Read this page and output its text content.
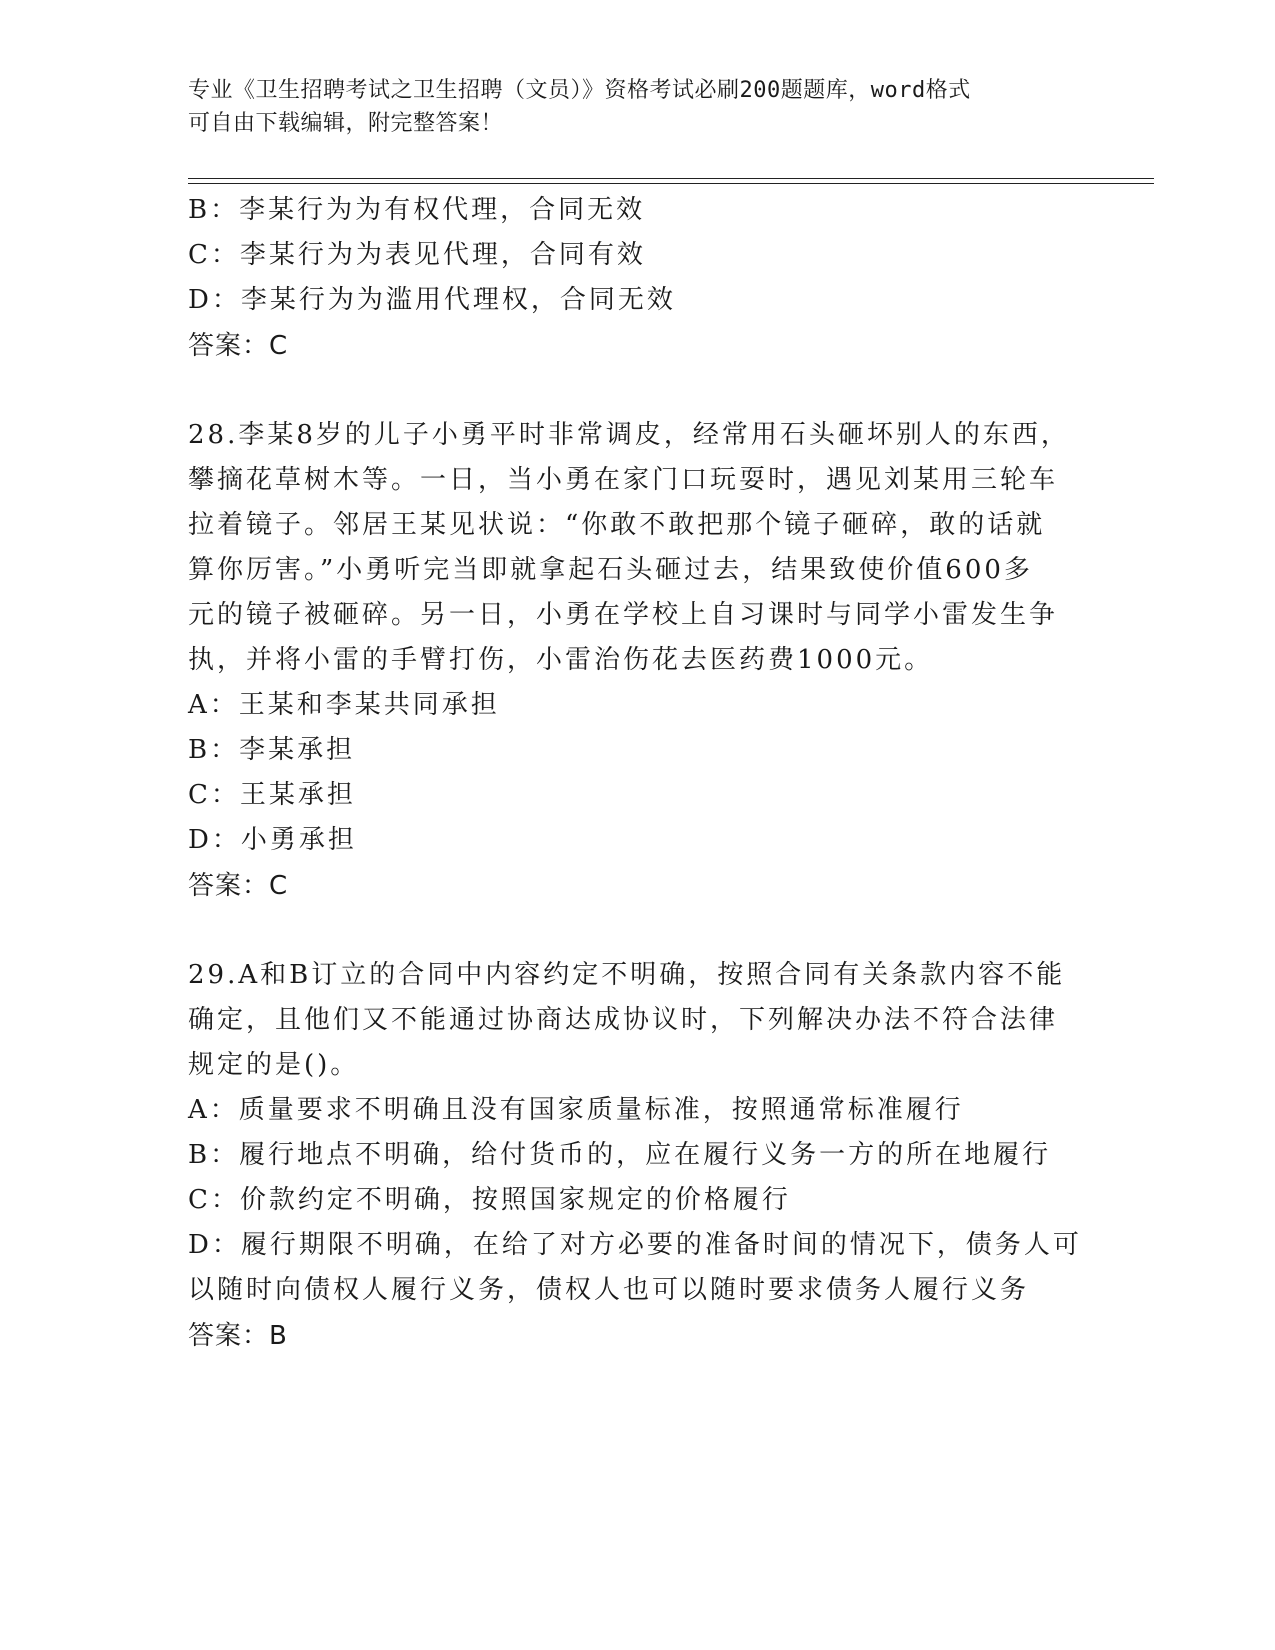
专业《卫生招聘考试之卫生招聘（文员）》资格考试必刷200题题库，word格式
可自由下载编辑，附完整答案！
B：李某行为为有权代理，合同无效
C：李某行为为表见代理，合同有效
D：李某行为为滥用代理权，合同无效
答案：C
28.李某8岁的儿子小勇平时非常调皮，经常用石头砸坏别人的东西，
攀摘花草树木等。一日，当小勇在家门口玩耍时，遇见刘某用三轮车
拉着镜子。邻居王某见状说：“你敢不敢把那个镜子砸碎，敢的话就
算你厉害。”小勇听完当即就拿起石头砸过去，结果致使价值600多
元的镜子被砸碎。另一日，小勇在学校上自习课时与同学小雷发生争
执，并将小雷的手臂打伤，小雷治伤花去医药费1000元。
A：王某和李某共同承担
B：李某承担
C：王某承担
D：小勇承担
答案：C
29.A和B订立的合同中内容约定不明确，按照合同有关条款内容不能
确定，且他们又不能通过协商达成协议时，下列解决办法不符合法律
规定的是()。
A：质量要求不明确且没有国家质量标准，按照通常标准履行
B：履行地点不明确，给付货币的，应在履行义务一方的所在地履行
C：价款约定不明确，按照国家规定的价格履行
D：履行期限不明确，在给了对方必要的准备时间的情况下，债务人可
以随时向债权人履行义务，债权人也可以随时要求债务人履行义务
答案：B
